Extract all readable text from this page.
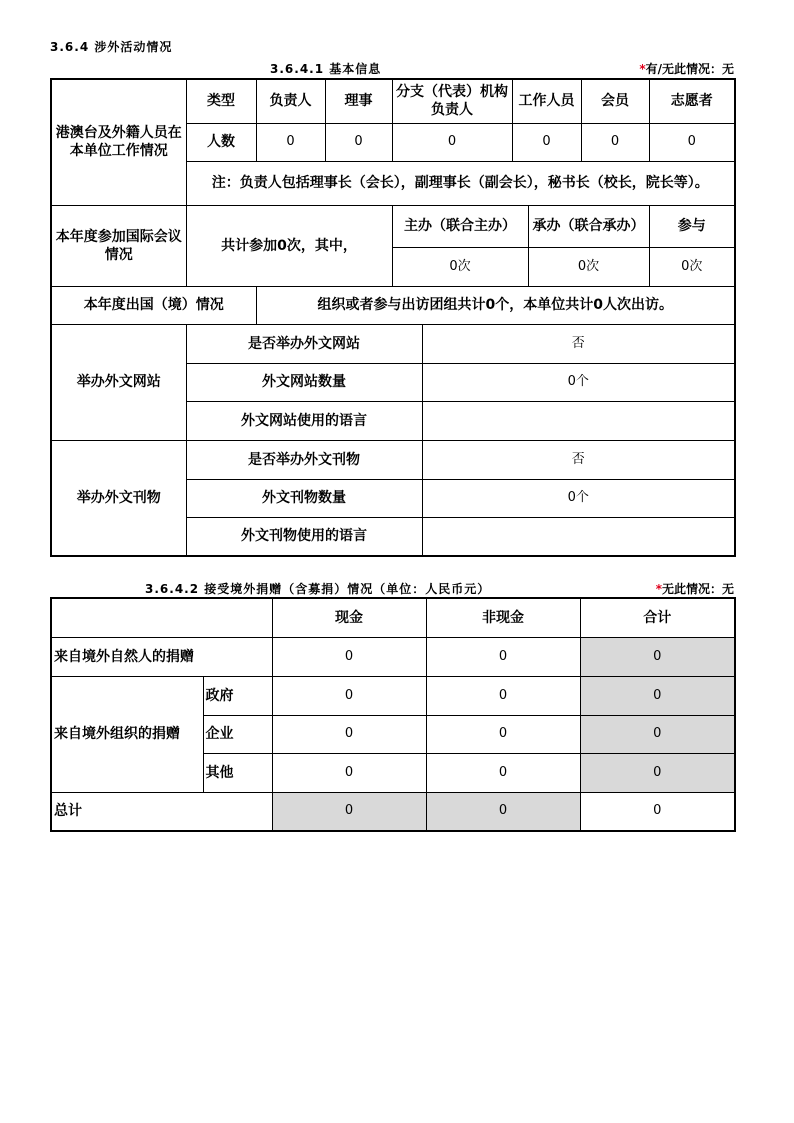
3.6.4 涉外活动情况
3.6.4.1 基本信息	*有/无此情况：无
港澳台及外籍人员在本单位工作情况	类型	负责人	理事	分支（代表）机构负责人		工作人员		会员	志愿者
	人数	0	0	0		0		0	0
	注：负责人包括理事长（会长），副理事长（副会长），秘书长（校长，院长等）。								
本年度参加国际会议情况	共计参加0次，其中，			主办（联合主办）			承办（联合承办）		参与
				0次			0次		0次
本年度出国（境）情况		组织或者参与出访团组共计0个，本单位共计0人次出访。							
举办外文网站	是否举办外文网站				否				
	外文网站数量				0个				
	外文网站使用的语言								
举办外文刊物	是否举办外文刊物				否				
	外文刊物数量				0个				
	外文刊物使用的语言								
3.6.4.2 接受境外捐赠（含募捐）情况（单位：人民币元）	*无此情况：无
		现金	非现金	合计
来自境外自然人的捐赠		0	0	0
来自境外组织的捐赠	政府	0	0	0
	企业	0	0	0
	其他	0	0	0
总计		0	0	0
